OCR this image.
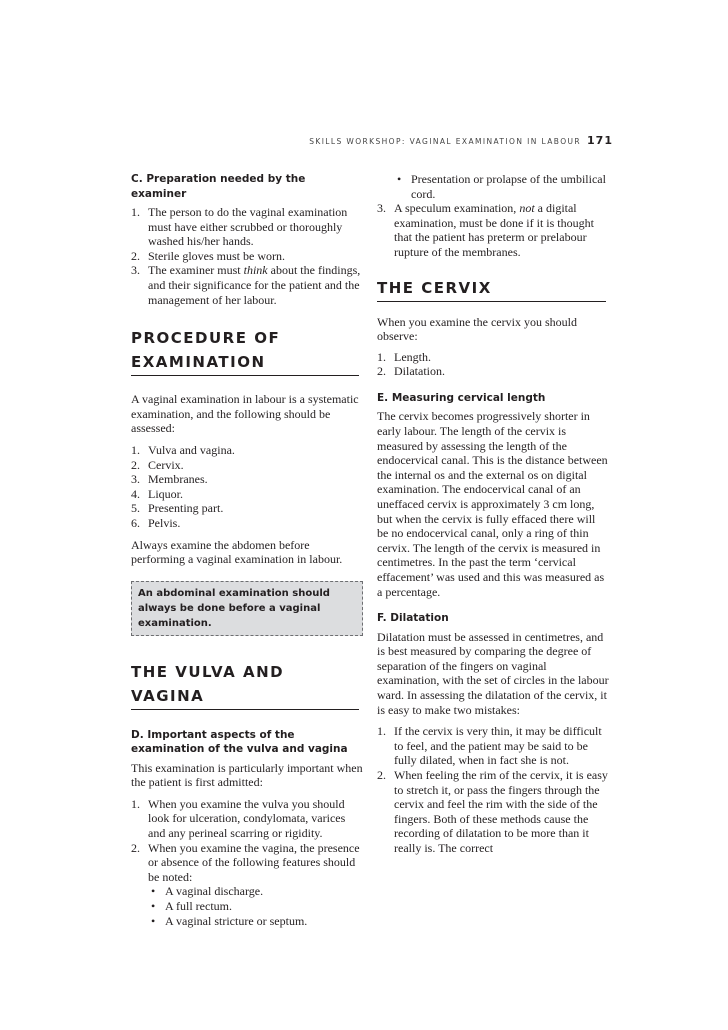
SKILLS WORKSHOP: VAGINAL EXAMINATION IN LABOUR 171
C. Preparation needed by the examiner
1. The person to do the vaginal examination must have either scrubbed or thoroughly washed his/her hands.
2. Sterile gloves must be worn.
3. The examiner must think about the findings, and their significance for the patient and the management of her labour.
PROCEDURE OF EXAMINATION

A vaginal examination in labour is a systematic examination, and the following should be assessed:

1. Vulva and vagina.
2. Cervix.
3. Membranes.
4. Liquor.
5. Presenting part.
6. Pelvis.

Always examine the abdomen before performing a vaginal examination in labour.

An abdominal examination should always be done before a vaginal examination.
THE VULVA AND VAGINA
D. Important aspects of the examination of the vulva and vagina

This examination is particularly important when the patient is first admitted:

1. When you examine the vulva you should look for ulceration, condylomata, varices and any perineal scarring or rigidity.
2. When you examine the vagina, the presence or absence of the following features should be noted:
• A vaginal discharge.
• A full rectum.
• A vaginal stricture or septum.
• Presentation or prolapse of the umbilical cord.
3. A speculum examination, not a digital examination, must be done if it is thought that the patient has preterm or prelabour rupture of the membranes.
THE CERVIX

When you examine the cervix you should observe:

1. Length.
2. Dilatation.
E. Measuring cervical length

The cervix becomes progressively shorter in early labour. The length of the cervix is measured by assessing the length of the endocervical canal. This is the distance between the internal os and the external os on digital examination. The endocervical canal of an uneffaced cervix is approximately 3 cm long, but when the cervix is fully effaced there will be no endocervical canal, only a ring of thin cervix. The length of the cervix is measured in centimetres. In the past the term ‘cervical effacement’ was used and this was measured as a percentage.

F. Dilatation

Dilatation must be assessed in centimetres, and is best measured by comparing the degree of separation of the fingers on vaginal examination, with the set of circles in the labour ward. In assessing the dilatation of the cervix, it is easy to make two mistakes:

1. If the cervix is very thin, it may be difficult to feel, and the patient may be said to be fully dilated, when in fact she is not.
2. When feeling the rim of the cervix, it is easy to stretch it, or pass the fingers through the cervix and feel the rim with the side of the fingers. Both of these methods cause the recording of dilatation to be more than it really is. The correct
